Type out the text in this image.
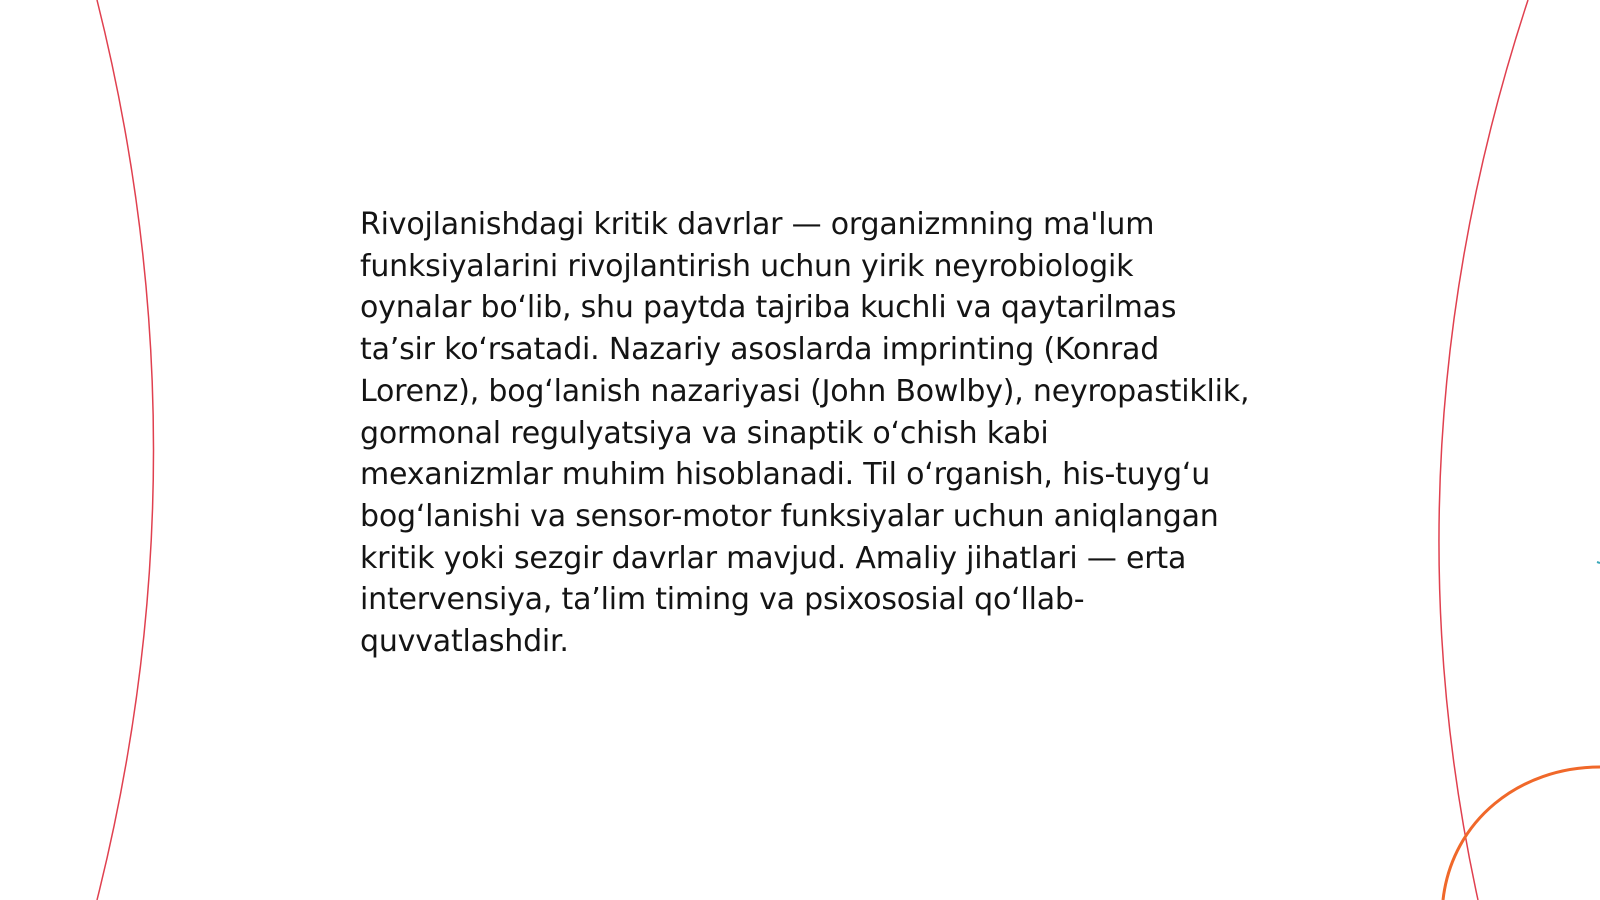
Rivojlanishdagi kritik davrlar — organizmning ma'lum funksiyalarini rivojlantirish uchun yirik neyrobiologik oynalar bo‘lib, shu paytda tajriba kuchli va qaytarilmas ta’sir ko‘rsatadi. Nazariy asoslarda imprinting (Konrad Lorenz), bog‘lanish nazariyasi (John Bowlby), neyropastiklik, gormonal regulyatsiya va sinaptik o‘chish kabi mexanizmlar muhim hisoblanadi. Til o‘rganish, his-tuyg‘u bog‘lanishi va sensor-motor funksiyalar uchun aniqlangan kritik yoki sezgir davrlar mavjud. Amaliy jihatlari — erta intervensiya, ta’lim timing va psixososial qo‘llab-quvvatlashdir.
